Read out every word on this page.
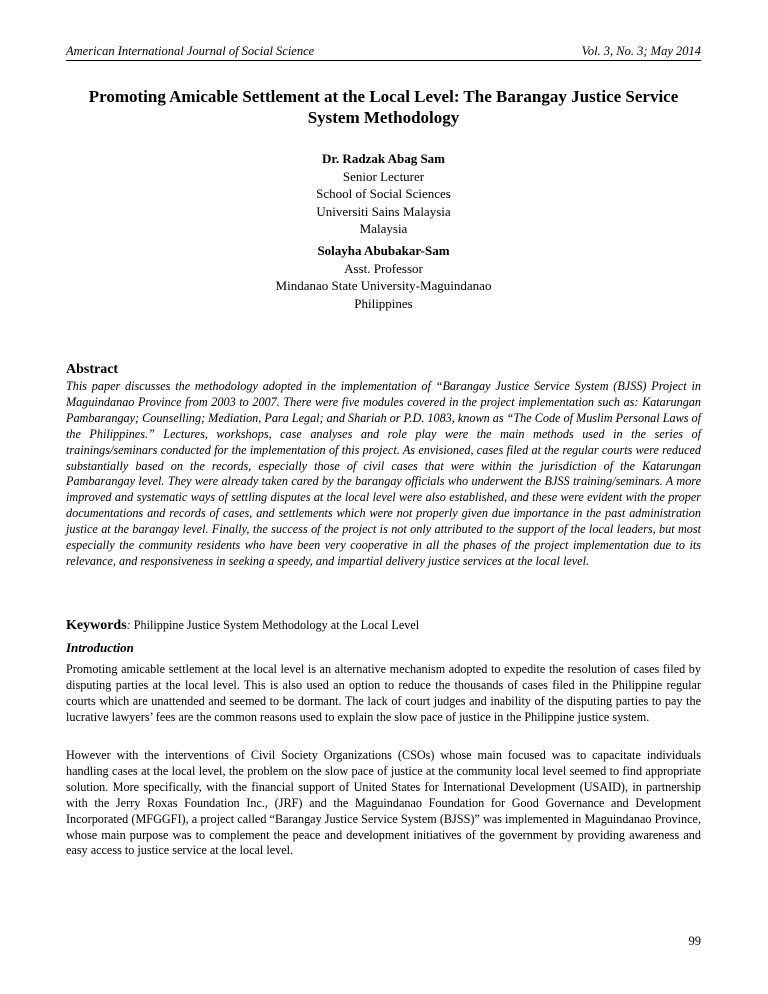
American International Journal of Social Science	Vol. 3, No. 3; May 2014
Promoting Amicable Settlement at the Local Level: The Barangay Justice Service System Methodology
Dr. Radzak Abag Sam
Senior Lecturer
School of Social Sciences
Universiti Sains Malaysia
Malaysia
Solayha Abubakar-Sam
Asst. Professor
Mindanao State University-Maguindanao
Philippines
Abstract

This paper discusses the methodology adopted in the implementation of “Barangay Justice Service System (BJSS) Project in Maguindanao Province from 2003 to 2007. There were five modules covered in the project implementation such as: Katarungan Pambarangay; Counselling; Mediation, Para Legal; and Shariah or P.D. 1083, known as “The Code of Muslim Personal Laws of the Philippines.” Lectures, workshops, case analyses and role play were the main methods used in the series of trainings/seminars conducted for the implementation of this project. As envisioned, cases filed at the regular courts were reduced substantially based on the records, especially those of civil cases that were within the jurisdiction of the Katarungan Pambarangay level. They were already taken cared by the barangay officials who underwent the BJSS training/seminars. A more improved and systematic ways of settling disputes at the local level were also established, and these were evident with the proper documentations and records of cases, and settlements which were not properly given due importance in the past administration justice at the barangay level. Finally, the success of the project is not only attributed to the support of the local leaders, but most especially the community residents who have been very cooperative in all the phases of the project implementation due to its relevance, and responsiveness in seeking a speedy, and impartial delivery justice services at the local level.

Keywords: Philippine Justice System Methodology at the Local Level
Introduction

Promoting amicable settlement at the local level is an alternative mechanism adopted to expedite the resolution of cases filed by disputing parties at the local level. This is also used an option to reduce the thousands of cases filed in the Philippine regular courts which are unattended and seemed to be dormant. The lack of court judges and inability of the disputing parties to pay the lucrative lawyers’ fees are the common reasons used to explain the slow pace of justice in the Philippine justice system.

However with the interventions of Civil Society Organizations (CSOs) whose main focused was to capacitate individuals handling cases at the local level, the problem on the slow pace of justice at the community local level seemed to find appropriate solution. More specifically, with the financial support of United States for International Development (USAID), in partnership with the Jerry Roxas Foundation Inc., (JRF) and the Maguindanao Foundation for Good Governance and Development Incorporated (MFGGFI), a project called “Barangay Justice Service System (BJSS)” was implemented in Maguindanao Province, whose main purpose was to complement the peace and development initiatives of the government by providing awareness and easy access to justice service at the local level.

99
